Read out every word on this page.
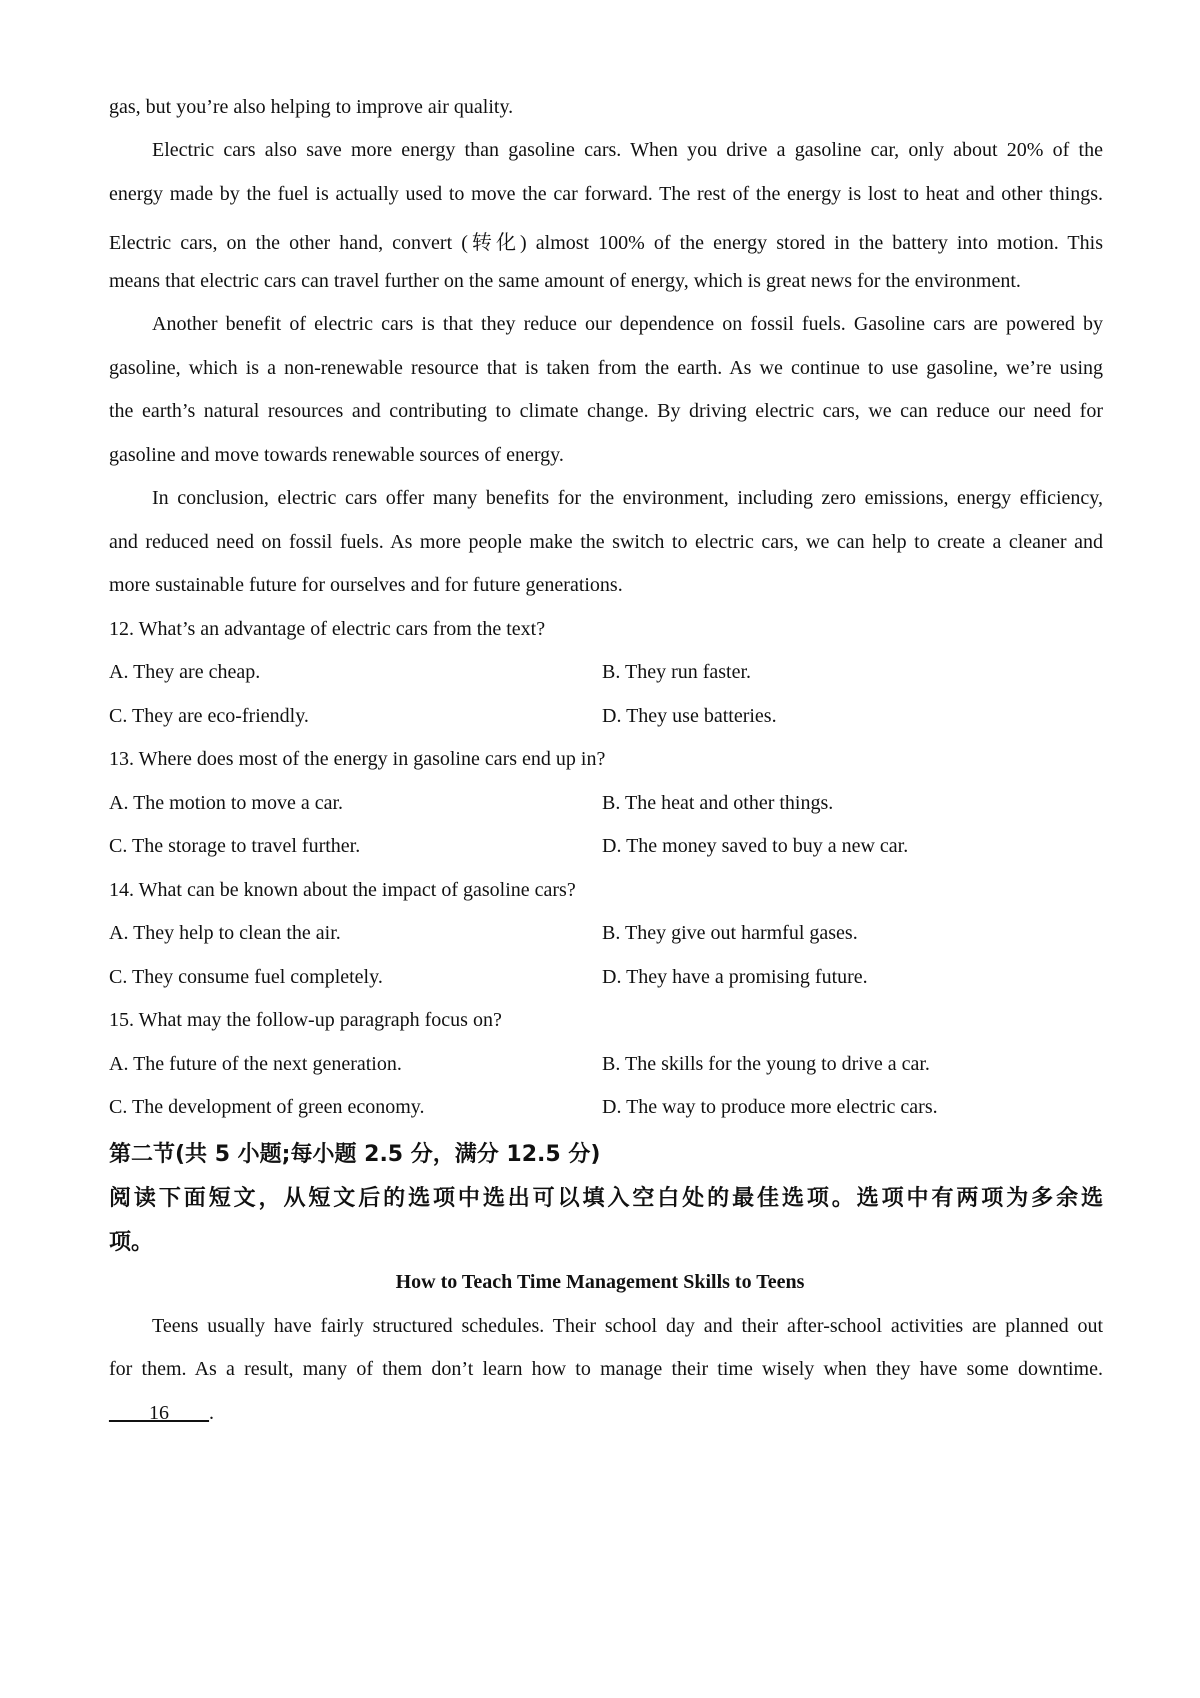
gas, but you’re also helping to improve air quality.
Electric cars also save more energy than gasoline cars. When you drive a gasoline car, only about 20% of the
energy made by the fuel is actually used to move the car forward. The rest of the energy is lost to heat and other things.
Electric cars, on the other hand, convert (转化) almost 100% of the energy stored in the battery into motion. This
means that electric cars can travel further on the same amount of energy, which is great news for the environment.
Another benefit of electric cars is that they reduce our dependence on fossil fuels. Gasoline cars are powered by
gasoline, which is a non-renewable resource that is taken from the earth. As we continue to use gasoline, we’re using
the earth’s natural resources and contributing to climate change. By driving electric cars, we can reduce our need for
gasoline and move towards renewable sources of energy.
In conclusion, electric cars offer many benefits for the environment, including zero emissions, energy efficiency,
and reduced need on fossil fuels. As more people make the switch to electric cars, we can help to create a cleaner and
more sustainable future for ourselves and for future generations.
12. What’s an advantage of electric cars from the text?
A. They are cheap.	B. They run faster.
C. They are eco-friendly.	D. They use batteries.
13. Where does most of the energy in gasoline cars end up in?
A. The motion to move a car.	B. The heat and other things.
C. The storage to travel further.	D. The money saved to buy a new car.
14. What can be known about the impact of gasoline cars?
A. They help to clean the air.	B. They give out harmful gases.
C. They consume fuel completely.	D. They have a promising future.
15. What may the follow-up paragraph focus on?
A. The future of the next generation.	B. The skills for the young to drive a car.
C. The development of green economy.	D. The way to produce more electric cars.
第二节(共 5 小题;每小题 2.5 分，满分 12.5 分)
阅读下面短文，从短文后的选项中选出可以填入空白处的最佳选项。选项中有两项为多余选
项。
How to Teach Time Management Skills to Teens
Teens usually have fairly structured schedules. Their school day and their after-school activities are planned out
for them. As a result, many of them don’t learn how to manage their time wisely when they have some downtime.
____16____.
